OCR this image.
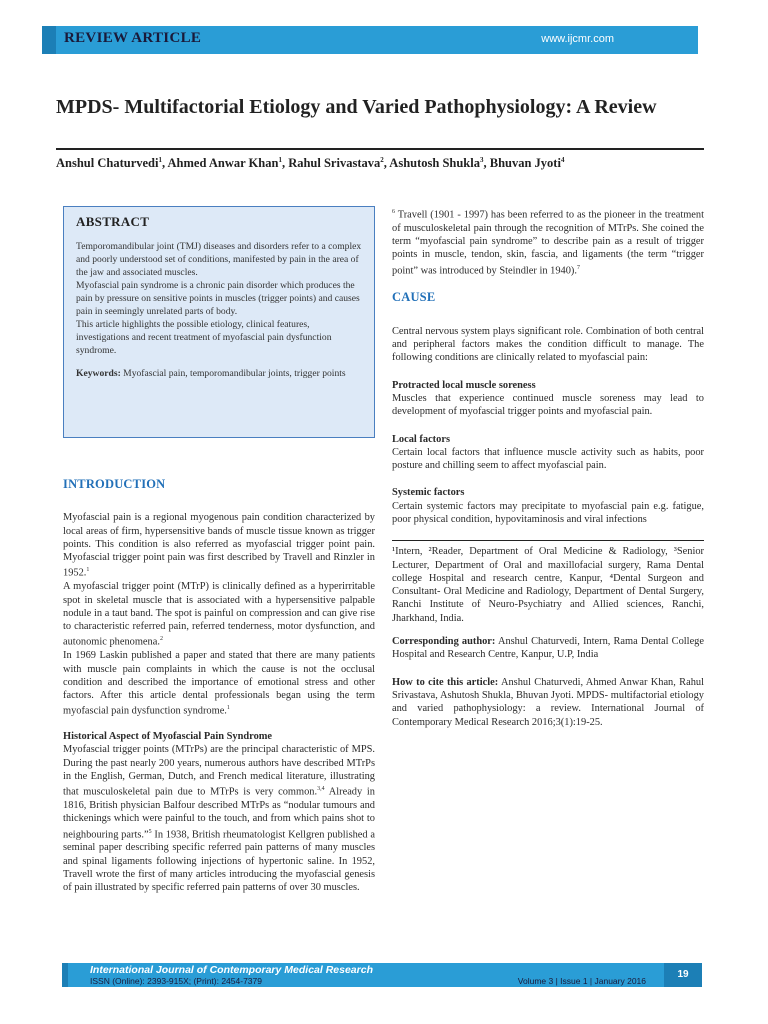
REVIEW ARTICLE	www.ijcmr.com
MPDS- Multifactorial Etiology and Varied Pathophysiology: A Review
Anshul Chaturvedi$^1$, Ahmed Anwar Khan$^1$, Rahul Srivastava$^2$, Ashutosh Shukla$^3$, Bhuvan Jyoti$^4$
ABSTRACT

Temporomandibular joint (TMJ) diseases and disorders refer to a complex and poorly understood set of conditions, manifested by pain in the area of the jaw and associated muscles.

Myofascial pain syndrome is a chronic pain disorder which produces the pain by pressure on sensitive points in muscles (trigger points) and causes pain in seemingly unrelated parts of body.

This article highlights the possible etiology, clinical features, investigations and recent treatment of myofascial pain dysfunction syndrome.

Keywords: Myofascial pain, temporomandibular joints, trigger points

INTRODUCTION

Myofascial pain is a regional myogenous pain condition characterized by local areas of firm, hypersensitive bands of muscle tissue known as trigger points. This condition is also referred as myofascial trigger point pain. Myofascial trigger point pain was first described by Travell and Rinzler in 1952.$^1$

A myofascial trigger point (MTrP) is clinically defined as a hyperirritable spot in skeletal muscle that is associated with a hypersensitive palpable nodule in a taut band. The spot is painful on compression and can give rise to characteristic referred pain, referred tenderness, motor dysfunction, and autonomic phenomena.$^2$

In 1969 Laskin published a paper and stated that there are many patients with muscle pain complaints in which the cause is not the occlusal condition and described the importance of emotional stress and other factors. After this article dental professionals began using the term myofascial pain dysfunction syndrome.$^1$

Historical Aspect of Myofascial Pain Syndrome

Myofascial trigger points (MTrPs) are the principal characteristic of MPS. During the past nearly 200 years, numerous authors have described MTrPs in the English, German, Dutch, and French medical literature, illustrating that musculoskeletal pain due to MTrPs is very common.$^{3,4}$ Already in 1816, British physician Balfour described MTrPs as “nodular tumours and thickenings which were painful to the touch, and from which pains shot to neighbouring parts.”$^5$ In 1938, British rheumatologist Kellgren published a seminal paper describing specific referred pain patterns of many muscles and spinal ligaments following injections of hypertonic saline. In 1952, Travell wrote the first of many articles introducing the myofascial genesis of pain illustrated by specific referred pain patterns of over 30 muscles.

$^6$ Travell (1901 - 1997) has been referred to as the pioneer in the treatment of musculoskeletal pain through the recognition of MTrPs. She coined the term “myofascial pain syndrome” to describe pain as a result of trigger points in muscle, tendon, skin, fascia, and ligaments (the term “trigger point” was introduced by Steindler in 1940).$^7$

CAUSE

Central nervous system plays significant role. Combination of both central and peripheral factors makes the condition difficult to manage. The following conditions are clinically related to myofascial pain:

Protracted local muscle soreness

Muscles that experience continued muscle soreness may lead to development of myofascial trigger points and myofascial pain.

Local factors

Certain local factors that influence muscle activity such as habits, poor posture and chilling seem to affect myofascial pain.

Systemic factors

Certain systemic factors may precipitate to myofascial pain e.g. fatigue, poor physical condition, hypovitaminosis and viral infections

¹Intern, ²Reader, Department of Oral Medicine & Radiology, ³Senior Lecturer, Department of Oral and maxillofacial surgery, Rama Dental college Hospital and research centre, Kanpur, ⁴Dental Surgeon and Consultant- Oral Medicine and Radiology, Department of Dental Surgery, Ranchi Institute of Neuro-Psychiatry and Allied sciences, Ranchi, Jharkhand, India.

Corresponding author: Anshul Chaturvedi, Intern, Rama Dental College Hospital and Research Centre, Kanpur, U.P, India

How to cite this article: Anshul Chaturvedi, Ahmed Anwar Khan, Rahul Srivastava, Ashutosh Shukla, Bhuvan Jyoti. MPDS- multifactorial etiology and varied pathophysiology: a review. International Journal of Contemporary Medical Research 2016;3(1):19-25.

International Journal of Contemporary Medical Research
ISSN (Online): 2393-915X; (Print): 2454-7379	Volume 3 | Issue 1 | January 2016
19
